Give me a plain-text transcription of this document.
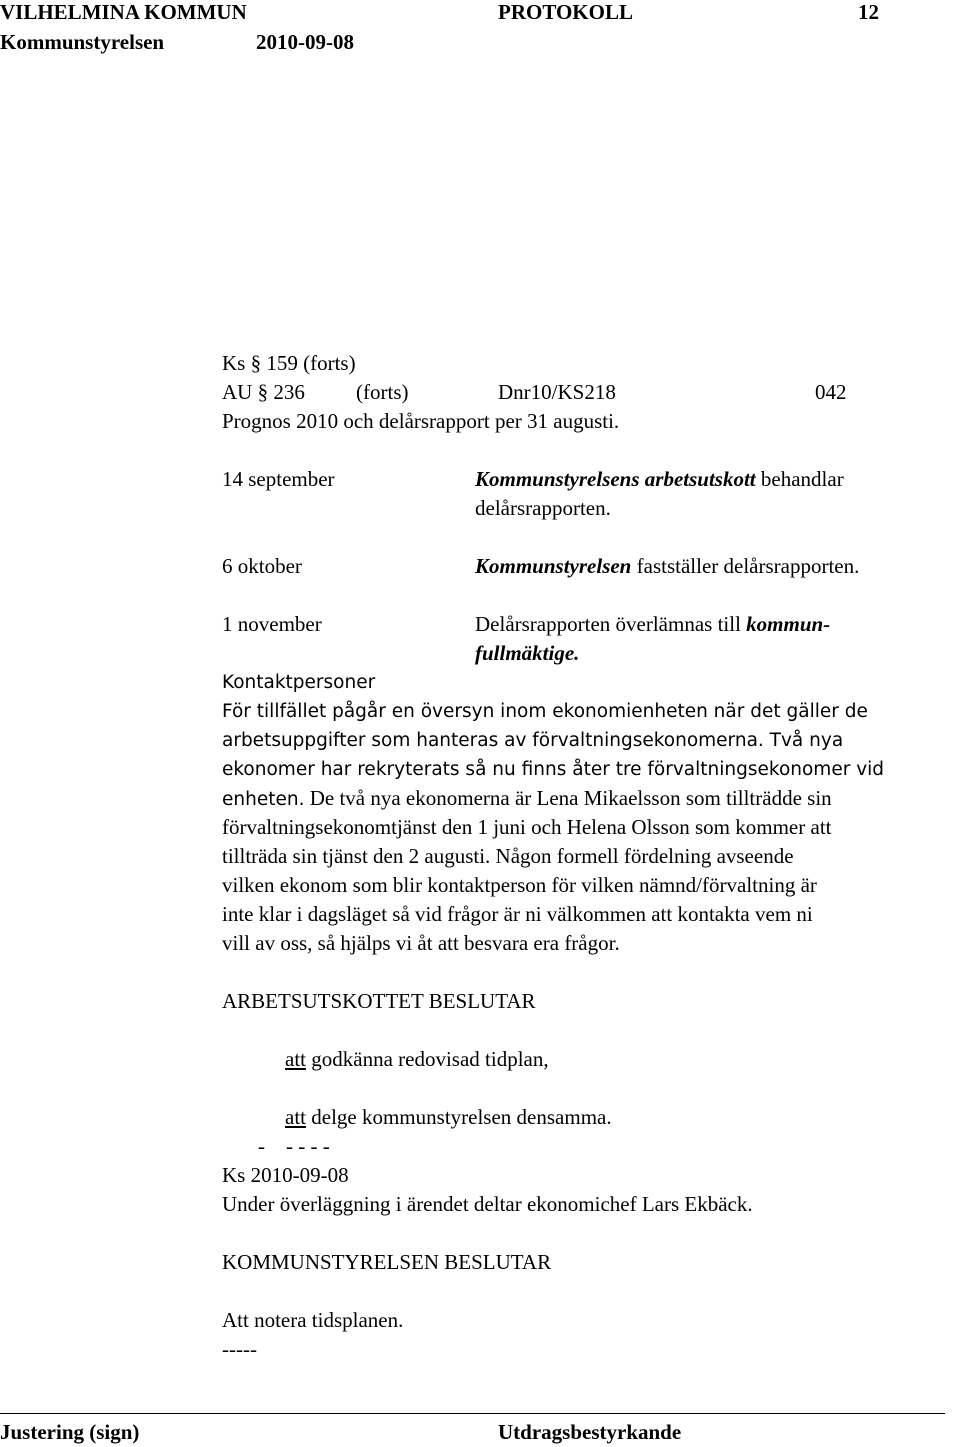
VILHELMINA KOMMUN	PROTOKOLL	12
Kommunstyrelsen	2010-09-08
Ks § 159 (forts)
AU § 236 (forts)	Dnr10/KS218	042
Prognos 2010 och delårsrapport per 31 augusti.
14 september	Kommunstyrelsens arbetsutskott behandlar
delårsrapporten.
6 oktober	Kommunstyrelsen fastställer delårsrapporten.
1 november	Delårsrapporten överlämnas till kommun-
fullmäktige.
Kontaktpersoner
För tillfället pågår en översyn inom ekonomienheten när det gäller de
arbetsuppgifter som hanteras av förvaltningsekonomerna. Två nya
ekonomer har rekryterats så nu finns åter tre förvaltningsekonomer vid
enheten. De två nya ekonomerna är Lena Mikaelsson som tillträdde sin
förvaltningsekonomtjänst den 1 juni och Helena Olsson som kommer att
tillträda sin tjänst den 2 augusti. Någon formell fördelning avseende
vilken ekonom som blir kontaktperson för vilken nämnd/förvaltning är
inte klar i dagsläget så vid frågor är ni välkommen att kontakta vem ni
vill av oss, så hjälps vi åt att besvara era frågor.
ARBETSUTSKOTTET BESLUTAR
att godkänna redovisad tidplan,
att delge kommunstyrelsen densamma.
-    - - - -
Ks 2010-09-08
Under överläggning i ärendet deltar ekonomichef Lars Ekbäck.
KOMMUNSTYRELSEN BESLUTAR
Att notera tidsplanen.
-----
Justering (sign)	Utdragsbestyrkande
